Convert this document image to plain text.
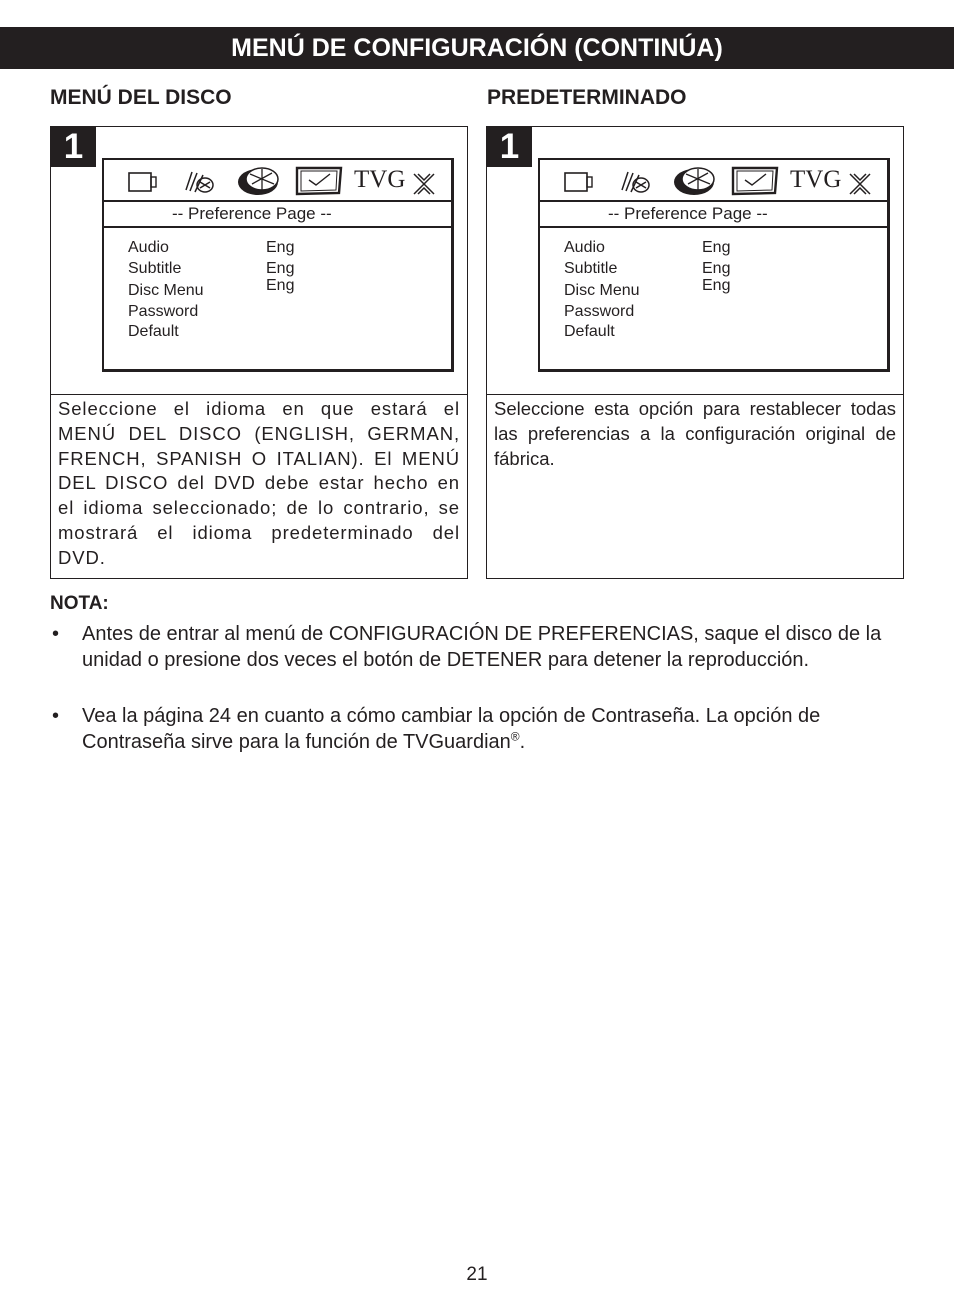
MENÚ DE CONFIGURACIÓN (CONTINÚA)
MENÚ DEL DISCO
1
TVG
-- Preference Page --
Audio
Subtitle
Disc Menu
Password
Default
Eng
Eng
Eng
Seleccione el idioma en que estará el MENÚ DEL DISCO (ENGLISH, GERMAN, FRENCH, SPANISH O ITALIAN). El MENÚ DEL DISCO del DVD debe estar hecho en el idioma seleccionado; de lo contrario, se mostrará el idioma predeterminado del DVD.
PREDETERMINADO
1
TVG
-- Preference Page --
Audio
Subtitle
Disc Menu
Password
Default
Eng
Eng
Eng
Seleccione esta opción para restablecer todas las preferencias a la configuración original de fábrica.
NOTA:
• Antes de entrar al menú de CONFIGURACIÓN DE PREFERENCIAS, saque el disco de la unidad o presione dos veces el botón de DETENER para detener la reproducción.
• Vea la página 24 en cuanto a cómo cambiar la opción de Contraseña. La opción de Contraseña sirve para la función de TVGuardian®.
21
